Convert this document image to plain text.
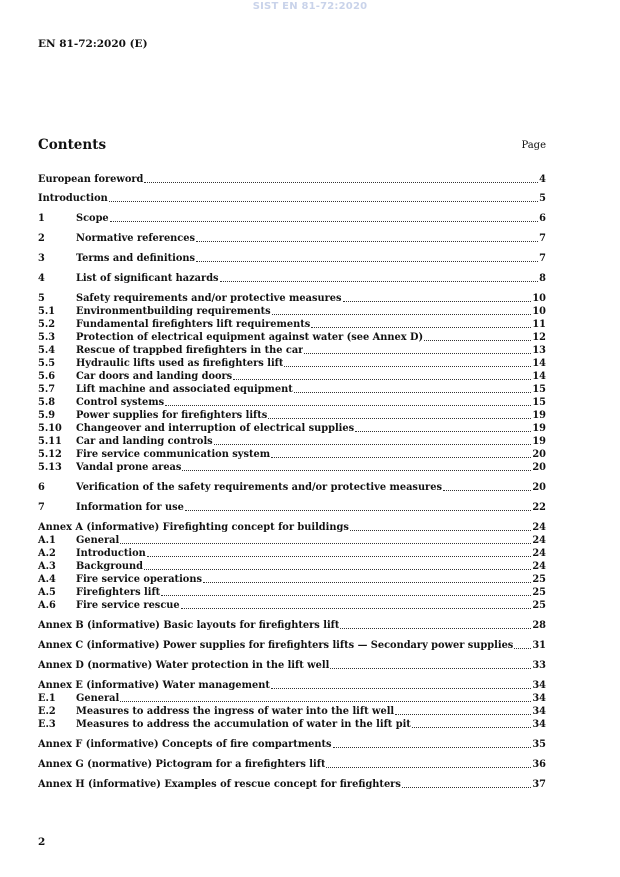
SIST EN 81-72:2020
EN 81-72:2020 (E)
Contents	Page
European foreword	4
Introduction	5
1	Scope	6
2	Normative references	7
3	Terms and definitions	7
4	List of significant hazards	8
5	Safety requirements and/or protective measures	10
5.1	Environmentbuilding requirements	10
5.2	Fundamental firefighters lift requirements	11
5.3	Protection of electrical equipment against water (see Annex D)	12
5.4	Rescue of trappbed firefighters in the car	13
5.5	Hydraulic lifts used as firefighters lift	14
5.6	Car doors and landing doors	14
5.7	Lift machine and associated equipment	15
5.8	Control systems	15
5.9	Power supplies for firefighters lifts	19
5.10	Changeover and interruption of electrical supplies	19
5.11	Car and landing controls	19
5.12	Fire service communication system	20
5.13	Vandal prone areas	20
6	Verification of the safety requirements and/or protective measures	20
7	Information for use	22
Annex A (informative) Firefighting concept for buildings	24
A.1	General	24
A.2	Introduction	24
A.3	Background	24
A.4	Fire service operations	25
A.5	Firefighters lift	25
A.6	Fire service rescue	25
Annex B (informative) Basic layouts for firefighters lift	28
Annex C (informative) Power supplies for firefighters lifts — Secondary power supplies 31
Annex D (normative) Water protection in the lift well	33
Annex E (informative) Water management	34
E.1	General	34
E.2	Measures to address the ingress of water into the lift well	34
E.3	Measures to address the accumulation of water in the lift pit	34
Annex F (informative) Concepts of fire compartments	35
Annex G (normative) Pictogram for a firefighters lift	36
Annex H (informative) Examples of rescue concept for firefighters	37
2
